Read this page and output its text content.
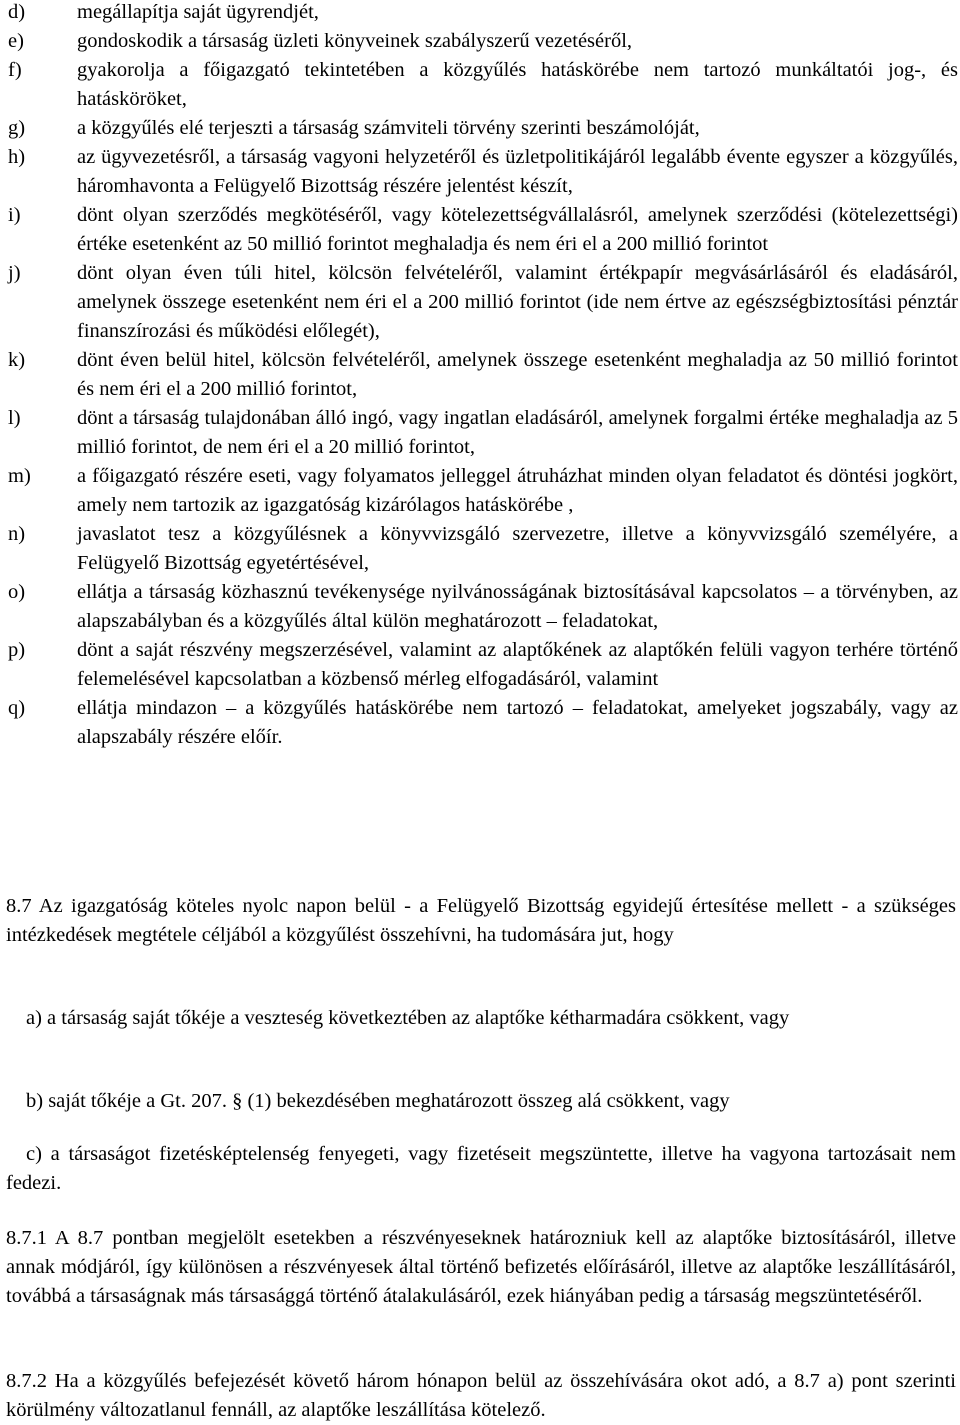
d)	megállapítja saját ügyrendjét,
e)	gondoskodik a társaság üzleti könyveinek szabályszerű vezetéséről,
f)	gyakorolja a főigazgató tekintetében a közgyűlés hatáskörébe nem tartozó munkáltatói jog-, és hatásköröket,
g)	a közgyűlés elé terjeszti a társaság számviteli törvény szerinti beszámolóját,
h)	az ügyvezetésről, a társaság vagyoni helyzetéről és üzletpolitikájáról legalább évente egyszer a közgyűlés, háromhavonta a Felügyelő Bizottság részére jelentést készít,
i)	dönt olyan szerződés megkötéséről, vagy kötelezettségvállalásról, amelynek szerződési (kötelezettségi) értéke esetenként az 50 millió forintot meghaladja és nem éri el a 200 millió forintot
j)	dönt olyan éven túli hitel, kölcsön felvételéről, valamint értékpapír megvásárlásáról és eladásáról, amelynek összege esetenként nem éri el a 200 millió forintot (ide nem értve az egészségbiztosítási pénztár finanszírozási és működési előlegét),
k)	dönt éven belül hitel, kölcsön felvételéről, amelynek összege esetenként meghaladja az 50 millió forintot és nem éri el a 200 millió forintot,
l)	dönt a társaság tulajdonában álló ingó, vagy ingatlan eladásáról, amelynek forgalmi értéke meghaladja az 5 millió forintot, de nem éri el a 20 millió forintot,
m)	a főigazgató részére eseti, vagy folyamatos jelleggel átruházhat minden olyan feladatot és döntési jogkört, amely nem tartozik az igazgatóság kizárólagos hatáskörébe ,
n)	javaslatot tesz a közgyűlésnek a könyvvizsgáló szervezetre, illetve a könyvvizsgáló személyére, a Felügyelő Bizottság egyetértésével,
o)	ellátja a társaság közhasznú tevékenysége nyilvánosságának biztosításával kapcsolatos – a törvényben, az alapszabályban és a közgyűlés által külön meghatározott – feladatokat,
p)	dönt a saját részvény megszerzésével, valamint az alaptőkének az alaptőkén felüli vagyon terhére történő felemelésével kapcsolatban a közbenső mérleg elfogadásáról, valamint
q)	ellátja mindazon – a közgyűlés hatáskörébe nem tartozó – feladatokat, amelyeket jogszabály, vagy az alapszabály részére előír.

8.7 Az igazgatóság köteles nyolc napon belül - a Felügyelő Bizottság egyidejű értesítése mellett - a szükséges intézkedések megtétele céljából a közgyűlést összehívni, ha tudomására jut, hogy

a) a társaság saját tőkéje a veszteség következtében az alaptőke kétharmadára csökkent, vagy

b) saját tőkéje a Gt. 207. § (1) bekezdésében meghatározott összeg alá csökkent, vagy

c) a társaságot fizetésképtelenség fenyegeti, vagy fizetéseit megszüntette, illetve ha vagyona tartozásait nem fedezi.

8.7.1 A 8.7 pontban megjelölt esetekben a részvényeseknek határozniuk kell az alaptőke biztosításáról, illetve annak módjáról, így különösen a részvényesek által történő befizetés előírásáról, illetve az alaptőke leszállításáról, továbbá a társaságnak más társasággá történő átalakulásáról, ezek hiányában pedig a társaság megszüntetéséről.

8.7.2 Ha a közgyűlés befejezését követő három hónapon belül az összehívására okot adó, a 8.7 a) pont szerinti körülmény változatlanul fennáll, az alaptőke leszállítása kötelező.
